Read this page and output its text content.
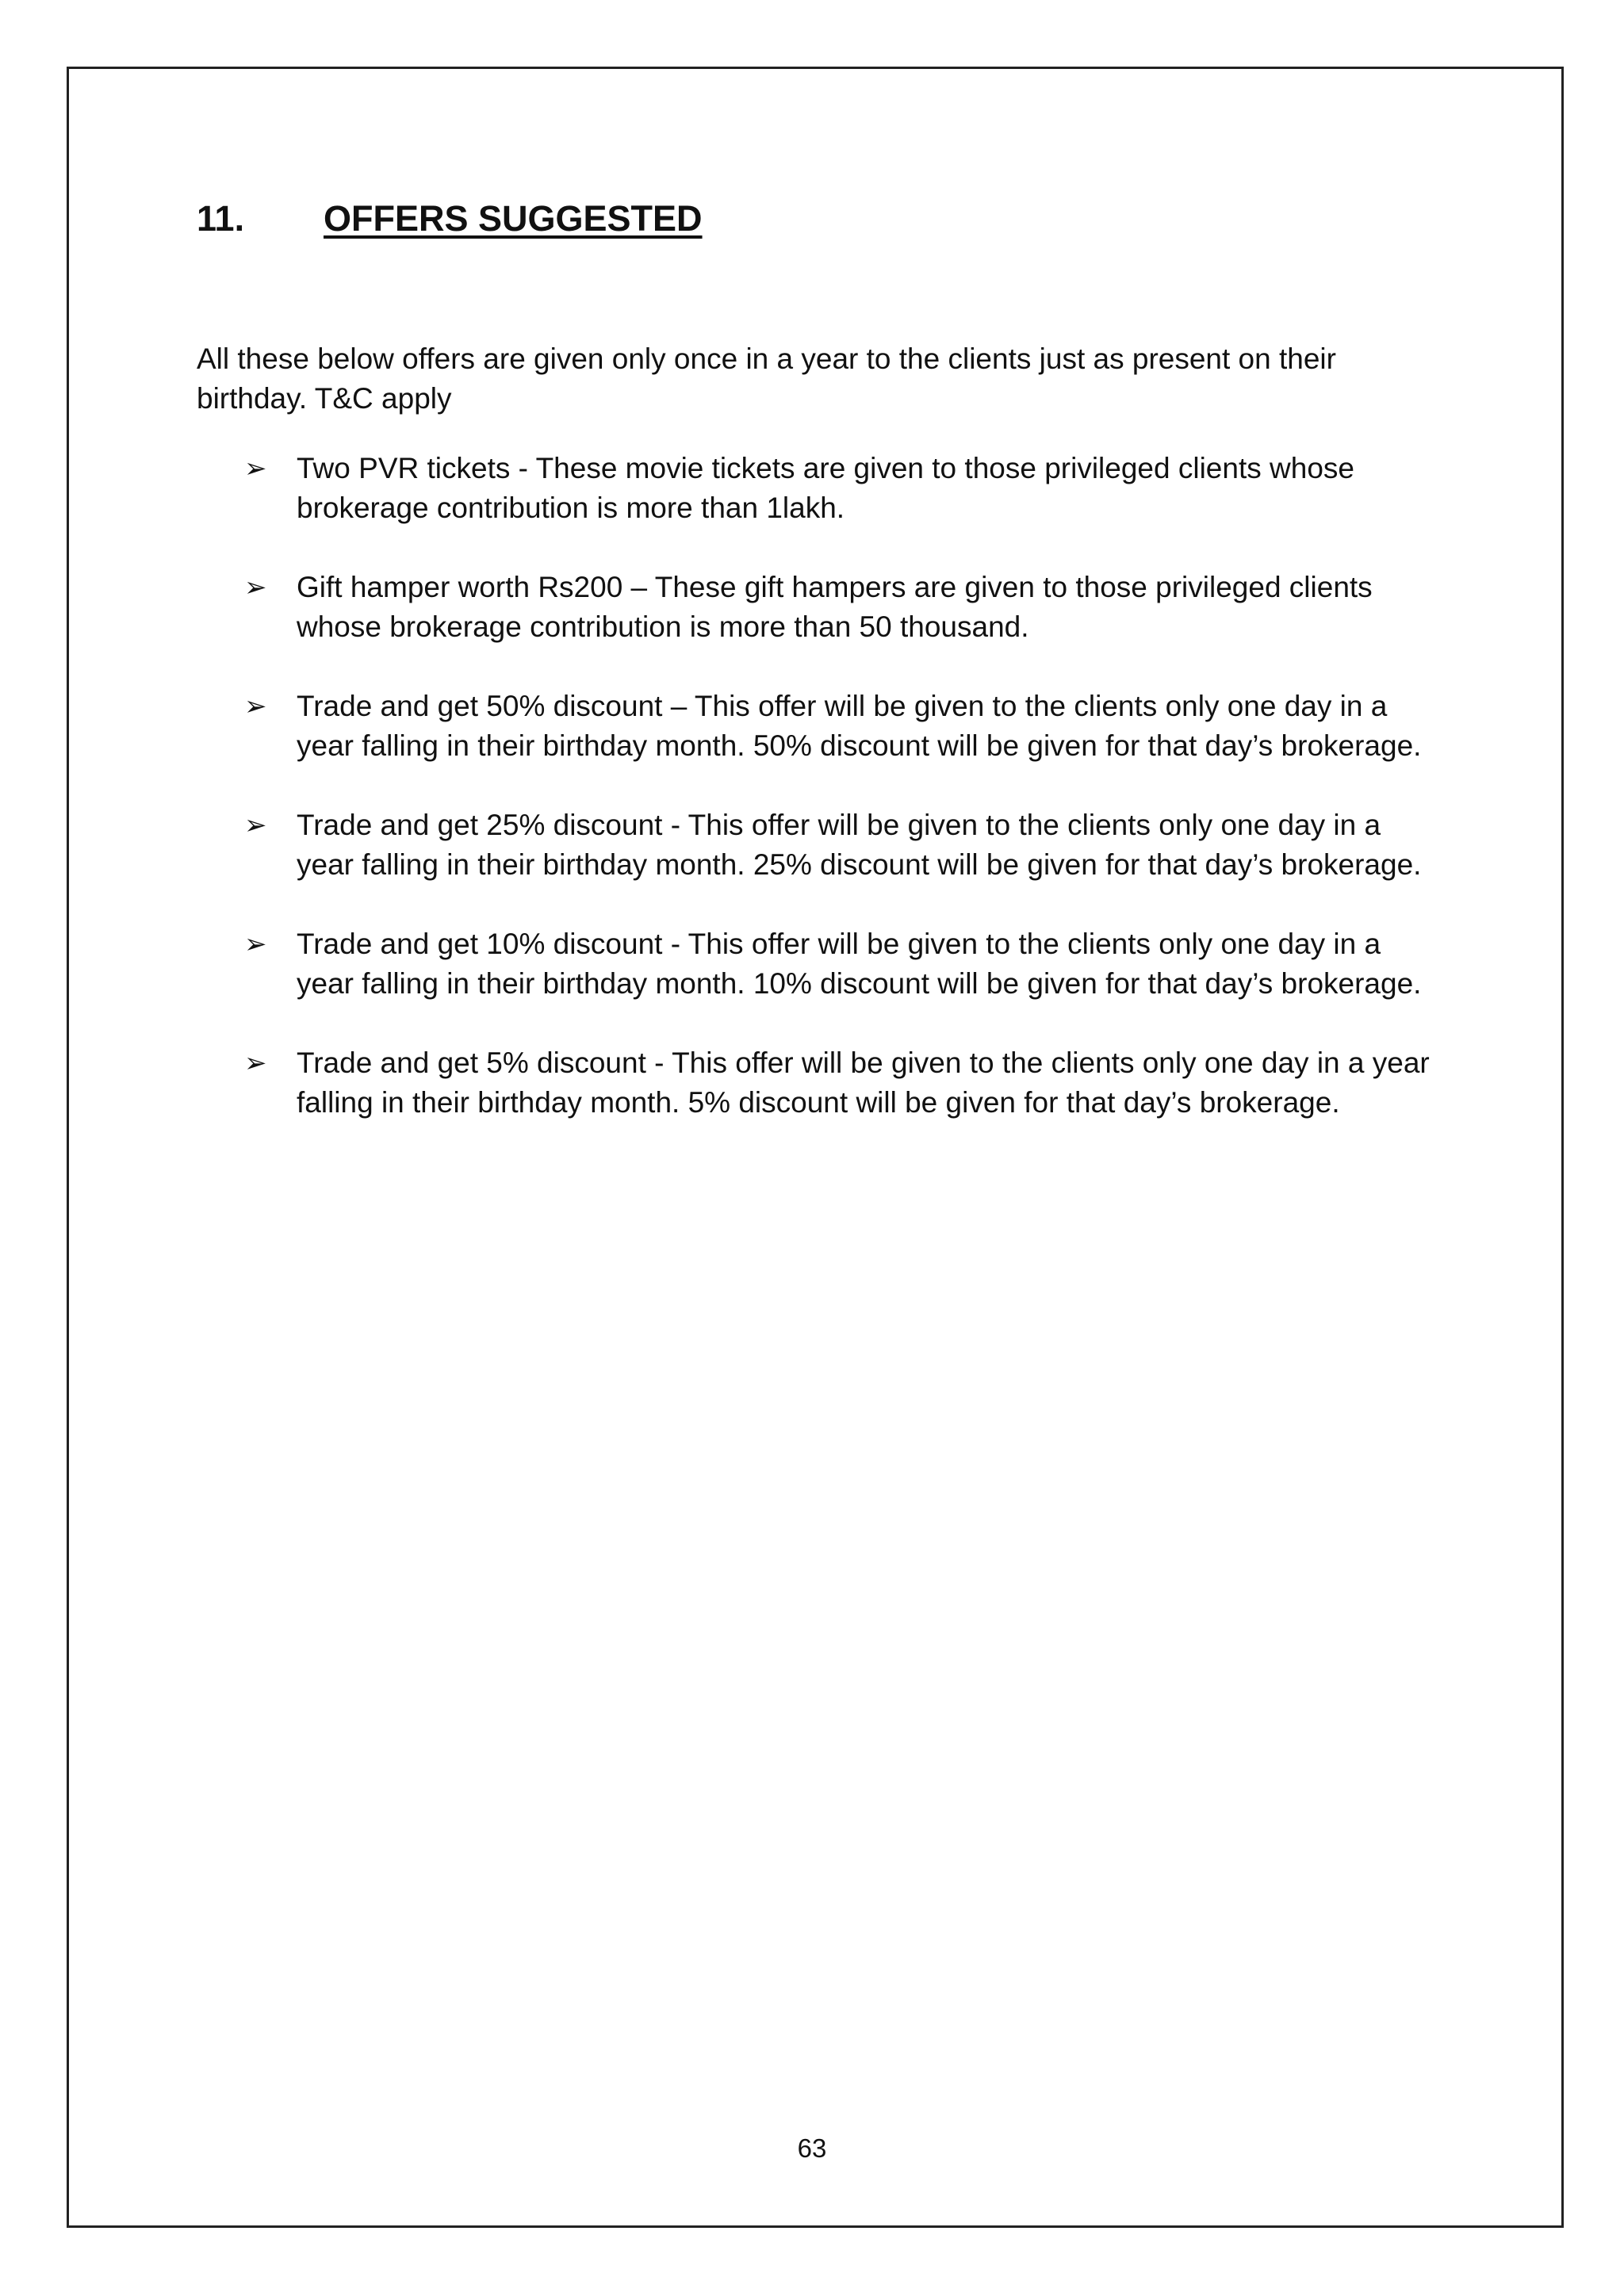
11. OFFERS SUGGESTED
All these below offers are given only once in a year to the clients just as present on their birthday. T&C apply
➢ Two PVR tickets - These movie tickets are given to those privileged clients whose brokerage contribution is more than 1lakh.
➢ Gift hamper worth Rs200 – These gift hampers are given to those privileged clients whose brokerage contribution is more than 50 thousand.
➢ Trade and get 50% discount – This offer will be given to the clients only one day in a year falling in their birthday month. 50% discount will be given for that day’s brokerage.
➢ Trade and get 25% discount - This offer will be given to the clients only one day in a year falling in their birthday month. 25% discount will be given for that day’s brokerage.
➢ Trade and get 10% discount - This offer will be given to the clients only one day in a year falling in their birthday month. 10% discount will be given for that day’s brokerage.
➢ Trade and get 5% discount - This offer will be given to the clients only one day in a year falling in their birthday month. 5% discount will be given for that day’s brokerage.
63
